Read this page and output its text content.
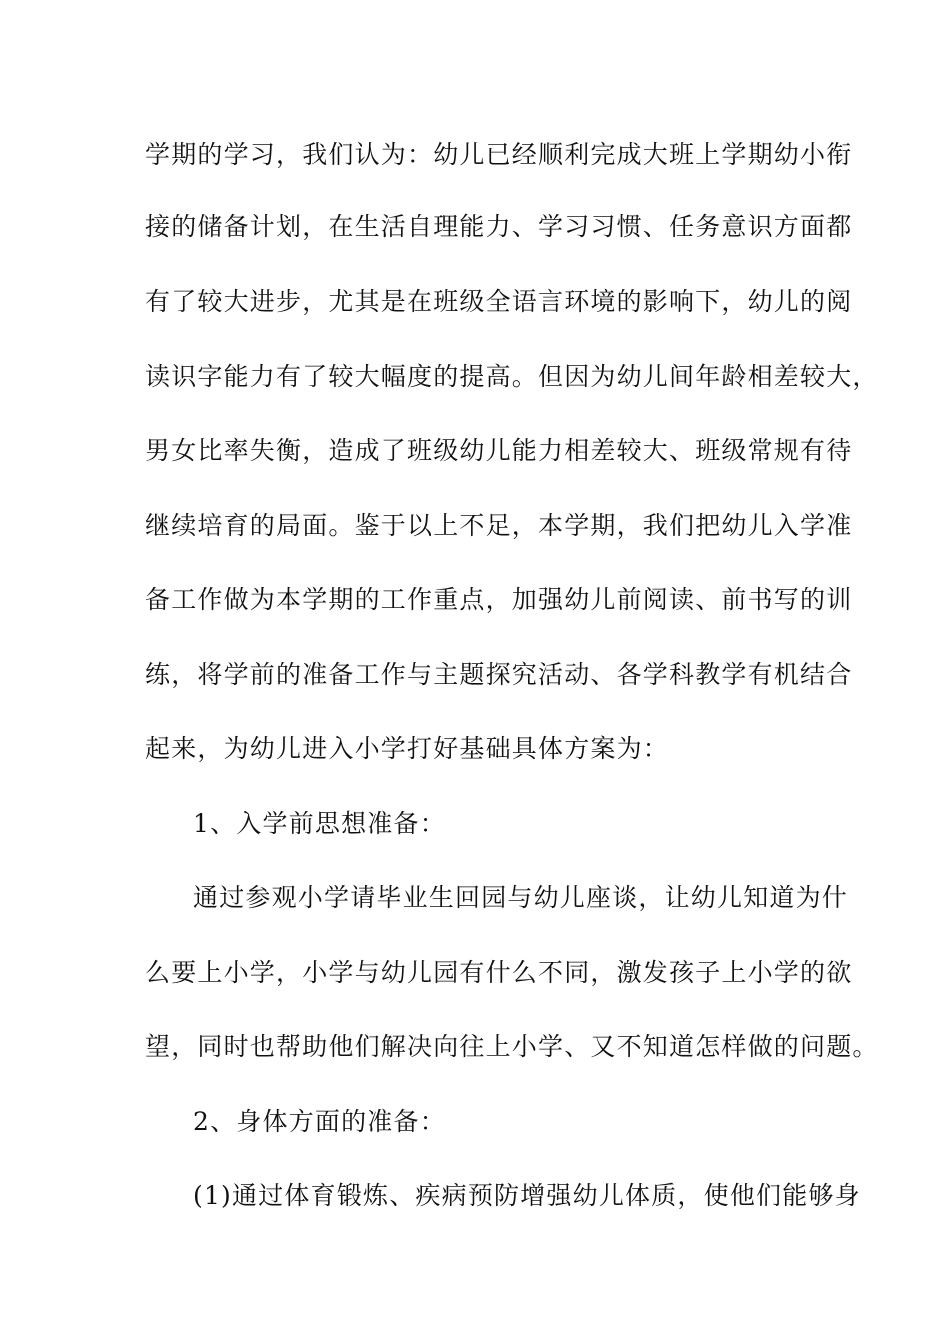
学期的学习，我们认为：幼儿已经顺利完成大班上学期幼小衔
接的储备计划，在生活自理能力、学习习惯、任务意识方面都
有了较大进步，尤其是在班级全语言环境的影响下，幼儿的阅
读识字能力有了较大幅度的提高。但因为幼儿间年龄相差较大，
男女比率失衡，造成了班级幼儿能力相差较大、班级常规有待
继续培育的局面。鉴于以上不足，本学期，我们把幼儿入学准
备工作做为本学期的工作重点，加强幼儿前阅读、前书写的训
练，将学前的准备工作与主题探究活动、各学科教学有机结合
起来，为幼儿进入小学打好基础具体方案为：
1、入学前思想准备：
通过参观小学请毕业生回园与幼儿座谈，让幼儿知道为什
么要上小学，小学与幼儿园有什么不同，激发孩子上小学的欲
望，同时也帮助他们解决向往上小学、又不知道怎样做的问题。
2、身体方面的准备：
(1)通过体育锻炼、疾病预防增强幼儿体质，使他们能够身
